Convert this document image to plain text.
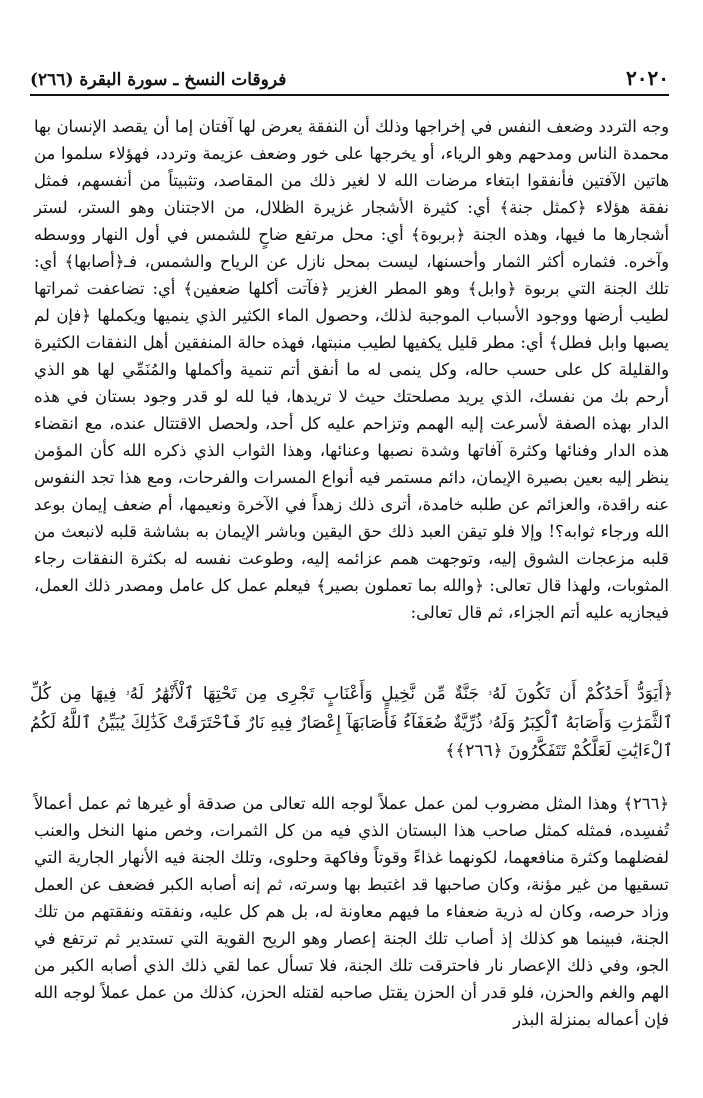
٢٠٢٠
فروقات النسخ ـ سورة البقرة (٢٦٦)
وجه التردد وضعف النفس في إخراجها وذلك أن النفقة يعرض لها آفتان إما أن يقصد الإنسان بها محمدة الناس ومدحهم وهو الرياء، أو يخرجها على خور وضعف عزيمة وتردد، فهؤلاء سلموا من هاتين الآفتين فأنفقوا ابتغاء مرضات الله لا لغير ذلك من المقاصد، وتثبيتاً من أنفسهم، فمثل نفقة هؤلاء ﴿كمثل جنة﴾ أي: كثيرة الأشجار غزيرة الظلال، من الاجتنان وهو الستر، لستر أشجارها ما فيها، وهذه الجنة ﴿بربوة﴾ أي: محل مرتفع ضاحٍ للشمس في أول النهار ووسطه وآخره. فثماره أكثر الثمار وأحسنها، ليست بمحل نازل عن الرياح والشمس، فـ﴿أصابها﴾ أي: تلك الجنة التي بربوة ﴿وابل﴾ وهو المطر الغزير ﴿فآتت أكلها ضعفين﴾ أي: تضاعفت ثمراتها لطيب أرضها ووجود الأسباب الموجبة لذلك، وحصول الماء الكثير الذي ينميها ويكملها ﴿فإن لم يصبها وابل فطل﴾ أي: مطر قليل يكفيها لطيب منبتها، فهذه حالة المنفقين أهل النفقات الكثيرة والقليلة كل على حسب حاله، وكل ينمى له ما أنفق أتم تنمية وأكملها والمُنَمِّي لها هو الذي أرحم بك من نفسك، الذي يريد مصلحتك حيث لا تريدها، فيا لله لو قدر وجود بستان في هذه الدار بهذه الصفة لأسرعت إليه الهمم وتزاحم عليه كل أحد، ولحصل الاقتتال عنده، مع انقضاء هذه الدار وفنائها وكثرة آفاتها وشدة نصبها وعنائها، وهذا الثواب الذي ذكره الله كأن المؤمن ينظر إليه بعين بصيرة الإيمان، دائم مستمر فيه أنواع المسرات والفرحات، ومع هذا تجد النفوس عنه راقدة، والعزائم عن طلبه خامدة، أترى ذلك زهداً في الآخرة ونعيمها، أم ضعف إيمان بوعد الله ورجاء ثوابه؟! وإلا فلو تيقن العبد ذلك حق اليقين وباشر الإيمان به بشاشة قلبه لانبعث من قلبه مزعجات الشوق إليه، وتوجهت همم عزائمه إليه، وطوعت نفسه له بكثرة النفقات رجاء المثوبات، ولهذا قال تعالى: ﴿والله بما تعملون بصير﴾ فيعلم عمل كل عامل ومصدر ذلك العمل، فيجازيه عليه أتم الجزاء، ثم قال تعالى:
﴿أَيَوَدُّ أَحَدُكُمْ أَن تَكُونَ لَهُۥ جَنَّةٌ مِّن نَّخِيلٍ وَأَعْنَابٍ تَجْرِى مِن تَحْتِهَا ٱلْأَنْهَٰرُ لَهُۥ فِيهَا مِن كُلِّ ٱلثَّمَرَٰتِ وَأَصَابَهُ ٱلْكِبَرُ وَلَهُۥ ذُرِّيَّةٌ ضُعَفَآءُ فَأَصَابَهَآ إِعْصَارٌ فِيهِ نَارٌ فَٱحْتَرَقَتْ كَذَٰلِكَ يُبَيِّنُ ٱللَّهُ لَكُمُ ٱلْءَايَٰتِ لَعَلَّكُمْ تَتَفَكَّرُونَ ﴿٢٦٦﴾﴾
﴿٢٦٦﴾ وهذا المثل مضروب لمن عمل عملاً لوجه الله تعالى من صدقة أو غيرها ثم عمل أعمالاً تُفسِده، فمثله كمثل صاحب هذا البستان الذي فيه من كل الثمرات، وخص منها النخل والعنب لفضلهما وكثرة منافعهما، لكونهما غذاءً وقوتاً وفاكهة وحلوى، وتلك الجنة فيه الأنهار الجارية التي تسقيها من غير مؤنة، وكان صاحبها قد اغتبط بها وسرته، ثم إنه أصابه الكبر فضعف عن العمل وزاد حرصه، وكان له ذرية ضعفاء ما فيهم معاونة له، بل هم كل عليه، ونفقته ونفقتهم من تلك الجنة، فبينما هو كذلك إذ أصاب تلك الجنة إعصار وهو الريح القوية التي تستدير ثم ترتفع في الجو، وفي ذلك الإعصار نار فاحترقت تلك الجنة، فلا تسأل عما لقي ذلك الذي أصابه الكبر من الهم والغم والحزن، فلو قدر أن الحزن يقتل صاحبه لقتله الحزن، كذلك من عمل عملاً لوجه الله فإن أعماله بمنزلة البذر
